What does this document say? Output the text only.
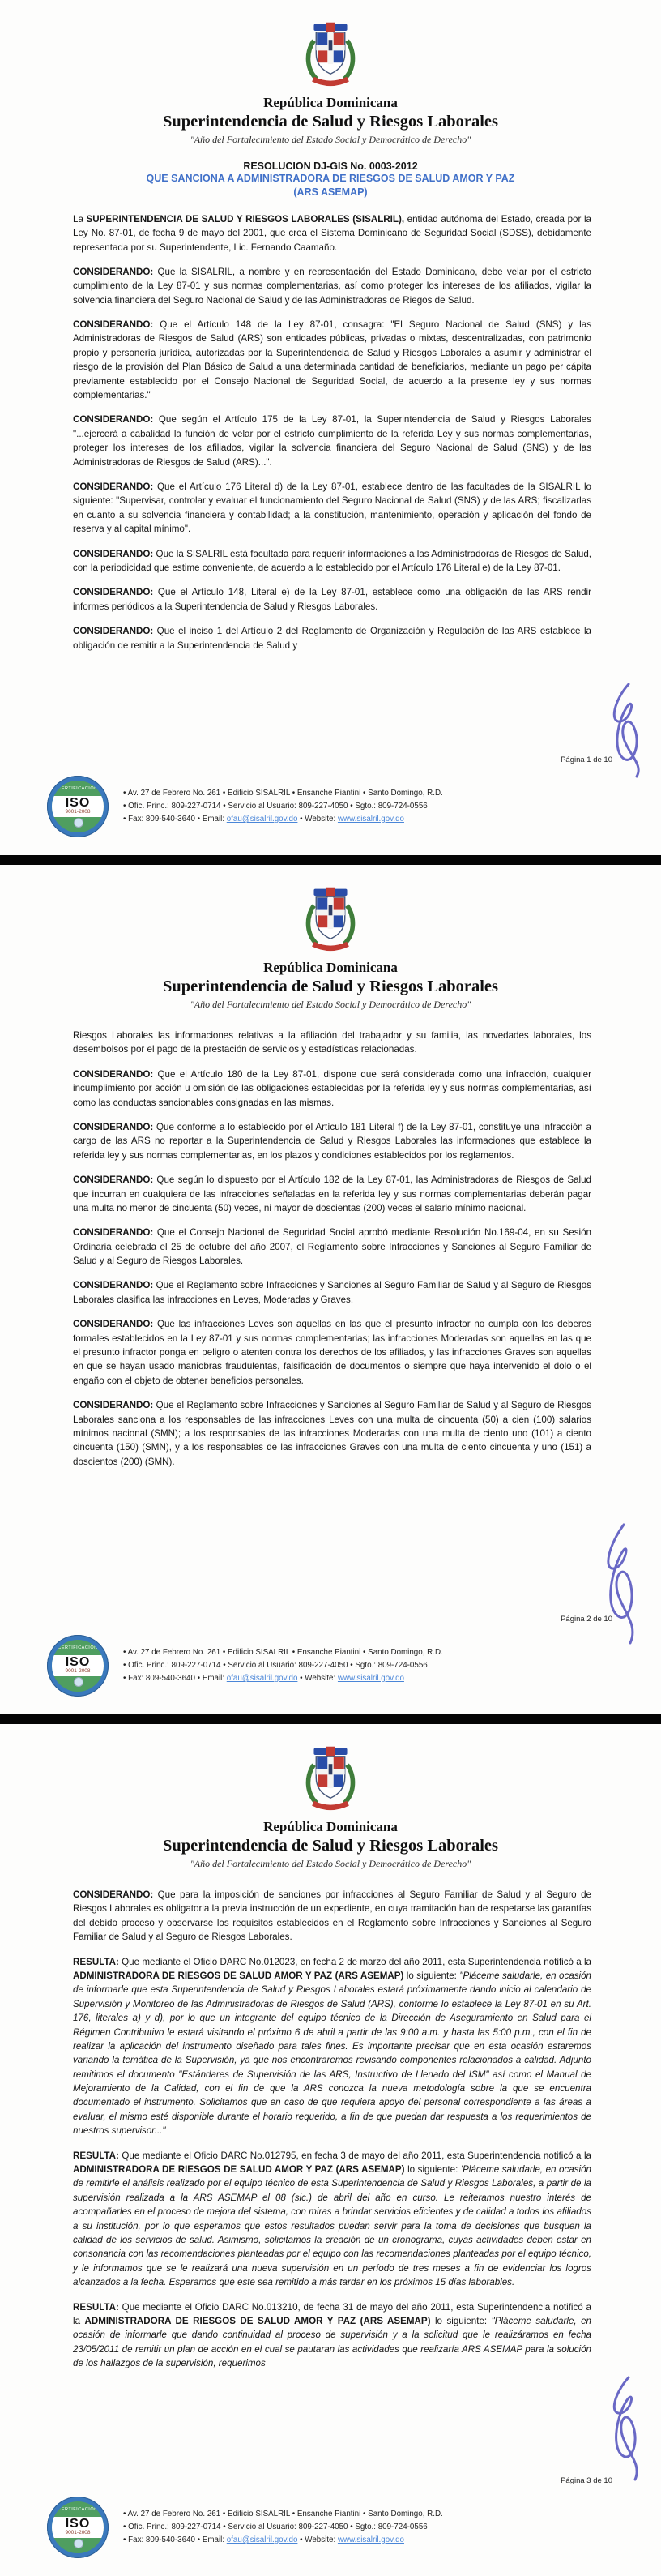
República Dominicana
Superintendencia de Salud y Riesgos Laborales
"Año del Fortalecimiento del Estado Social y Democrático de Derecho"
RESOLUCION DJ-GIS No. 0003-2012
QUE SANCIONA A ADMINISTRADORA DE RIESGOS DE SALUD AMOR Y PAZ
(ARS ASEMAP)

La SUPERINTENDENCIA DE SALUD Y RIESGOS LABORALES (SISALRIL), entidad autónoma del Estado, creada por la Ley No. 87-01, de fecha 9 de mayo del 2001, que crea el Sistema Dominicano de Seguridad Social (SDSS), debidamente representada por su Superintendente, Lic. Fernando Caamaño.

CONSIDERANDO: Que la SISALRIL, a nombre y en representación del Estado Dominicano, debe velar por el estricto cumplimiento de la Ley 87-01 y sus normas complementarias, así como proteger los intereses de los afiliados, vigilar la solvencia financiera del Seguro Nacional de Salud y de las Administradoras de Riegos de Salud.

CONSIDERANDO: Que el Artículo 148 de la Ley 87-01, consagra: "El Seguro Nacional de Salud (SNS) y las Administradoras de Riesgos de Salud (ARS) son entidades públicas, privadas o mixtas, descentralizadas, con patrimonio propio y personería jurídica, autorizadas por la Superintendencia de Salud y Riesgos Laborales a asumir y administrar el riesgo de la provisión del Plan Básico de Salud a una determinada cantidad de beneficiarios, mediante un pago per cápita previamente establecido por el Consejo Nacional de Seguridad Social, de acuerdo a la presente ley y sus normas complementarias."

CONSIDERANDO: Que según el Artículo 175 de la Ley 87-01, la Superintendencia de Salud y Riesgos Laborales "...ejercerá a cabalidad la función de velar por el estricto cumplimiento de la referida Ley y sus normas complementarias, proteger los intereses de los afiliados, vigilar la solvencia financiera del Seguro Nacional de Salud (SNS) y de las Administradoras de Riesgos de Salud (ARS)...".

CONSIDERANDO: Que el Artículo 176 Literal d) de la Ley 87-01, establece dentro de las facultades de la SISALRIL lo siguiente: "Supervisar, controlar y evaluar el funcionamiento del Seguro Nacional de Salud (SNS) y de las ARS; fiscalizarlas en cuanto a su solvencia financiera y contabilidad; a la constitución, mantenimiento, operación y aplicación del fondo de reserva y al capital mínimo".

CONSIDERANDO: Que la SISALRIL está facultada para requerir informaciones a las Administradoras de Riesgos de Salud, con la periodicidad que estime conveniente, de acuerdo a lo establecido por el Artículo 176 Literal e) de la Ley 87-01.

CONSIDERANDO: Que el Artículo 148, Literal e) de la Ley 87-01, establece como una obligación de las ARS rendir informes periódicos a la Superintendencia de Salud y Riesgos Laborales.

CONSIDERANDO: Que el inciso 1 del Artículo 2 del Reglamento de Organización y Regulación de las ARS establece la obligación de remitir a la Superintendencia de Salud y

Página 1 de 10
CERTIFICACIÓN
ISO
9001-2008
• Av. 27 de Febrero No. 261 • Edificio SISALRIL • Ensanche Piantini • Santo Domingo, R.D.
• Ofic. Princ.: 809-227-0714 • Servicio al Usuario: 809-227-4050 • Sgto.: 809-724-0556
• Fax: 809-540-3640 • Email: ofau@sisalril.gov.do • Website: www.sisalril.gov.do
República Dominicana
Superintendencia de Salud y Riesgos Laborales
"Año del Fortalecimiento del Estado Social y Democrático de Derecho"

Riesgos Laborales las informaciones relativas a la afiliación del trabajador y su familia, las novedades laborales, los desembolsos por el pago de la prestación de servicios y estadísticas relacionadas.

CONSIDERANDO: Que el Artículo 180 de la Ley 87-01, dispone que será considerada como una infracción, cualquier incumplimiento por acción u omisión de las obligaciones establecidas por la referida ley y sus normas complementarias, así como las conductas sancionables consignadas en las mismas.

CONSIDERANDO: Que conforme a lo establecido por el Artículo 181 Literal f) de la Ley 87-01, constituye una infracción a cargo de las ARS no reportar a la Superintendencia de Salud y Riesgos Laborales las informaciones que establece la referida ley y sus normas complementarias, en los plazos y condiciones establecidos por los reglamentos.

CONSIDERANDO: Que según lo dispuesto por el Artículo 182 de la Ley 87-01, las Administradoras de Riesgos de Salud que incurran en cualquiera de las infracciones señaladas en la referida ley y sus normas complementarias deberán pagar una multa no menor de cincuenta (50) veces, ni mayor de doscientas (200) veces el salario mínimo nacional.

CONSIDERANDO: Que el Consejo Nacional de Seguridad Social aprobó mediante Resolución No.169-04, en su Sesión Ordinaria celebrada el 25 de octubre del año 2007, el Reglamento sobre Infracciones y Sanciones al Seguro Familiar de Salud y al Seguro de Riesgos Laborales.

CONSIDERANDO: Que el Reglamento sobre Infracciones y Sanciones al Seguro Familiar de Salud y al Seguro de Riesgos Laborales clasifica las infracciones en Leves, Moderadas y Graves.

CONSIDERANDO: Que las infracciones Leves son aquellas en las que el presunto infractor no cumpla con los deberes formales establecidos en la Ley 87-01 y sus normas complementarias; las infracciones Moderadas son aquellas en las que el presunto infractor ponga en peligro o atenten contra los derechos de los afiliados, y las infracciones Graves son aquellas en que se hayan usado maniobras fraudulentas, falsificación de documentos o siempre que haya intervenido el dolo o el engaño con el objeto de obtener beneficios personales.

CONSIDERANDO: Que el Reglamento sobre Infracciones y Sanciones al Seguro Familiar de Salud y al Seguro de Riesgos Laborales sanciona a los responsables de las infracciones Leves con una multa de cincuenta (50) a cien (100) salarios mínimos nacional (SMN); a los responsables de las infracciones Moderadas con una multa de ciento uno (101) a ciento cincuenta (150) (SMN), y a los responsables de las infracciones Graves con una multa de ciento cincuenta y uno (151) a doscientos (200) (SMN).

Página 2 de 10
CERTIFICACIÓN
ISO
9001-2008
• Av. 27 de Febrero No. 261 • Edificio SISALRIL • Ensanche Piantini • Santo Domingo, R.D.
• Ofic. Princ.: 809-227-0714 • Servicio al Usuario: 809-227-4050 • Sgto.: 809-724-0556
• Fax: 809-540-3640 • Email: ofau@sisalril.gov.do • Website: www.sisalril.gov.do
República Dominicana
Superintendencia de Salud y Riesgos Laborales
"Año del Fortalecimiento del Estado Social y Democrático de Derecho"

CONSIDERANDO: Que para la imposición de sanciones por infracciones al Seguro Familiar de Salud y al Seguro de Riesgos Laborales es obligatoria la previa instrucción de un expediente, en cuya tramitación han de respetarse las garantías del debido proceso y observarse los requisitos establecidos en el Reglamento sobre Infracciones y Sanciones al Seguro Familiar de Salud y al Seguro de Riesgos Laborales.

RESULTA: Que mediante el Oficio DARC No.012023, en fecha 2 de marzo del año 2011, esta Superintendencia notificó a la ADMINISTRADORA DE RIESGOS DE SALUD AMOR Y PAZ (ARS ASEMAP) lo siguiente: "Pláceme saludarle, en ocasión de informarle que esta Superintendencia de Salud y Riesgos Laborales estará próximamente dando inicio al calendario de Supervisión y Monitoreo de las Administradoras de Riesgos de Salud (ARS), conforme lo establece la Ley 87-01 en su Art. 176, literales a) y d), por lo que un integrante del equipo técnico de la Dirección de Aseguramiento en Salud para el Régimen Contributivo le estará visitando el próximo 6 de abril a partir de las 9:00 a.m. y hasta las 5:00 p.m., con el fin de realizar la aplicación del instrumento diseñado para tales fines. Es importante precisar que en esta ocasión estaremos variando la temática de la Supervisión, ya que nos encontraremos revisando componentes relacionados a calidad. Adjunto remitimos el documento "Estándares de Supervisión de las ARS, Instructivo de Llenado del ISM" así como el Manual de Mejoramiento de la Calidad, con el fin de que la ARS conozca la nueva metodología sobre la que se encuentra documentado el instrumento. Solicitamos que en caso de que requiera apoyo del personal correspondiente a las áreas a evaluar, el mismo esté disponible durante el horario requerido, a fin de que puedan dar respuesta a los requerimientos de nuestros supervisor..."

RESULTA: Que mediante el Oficio DARC No.012795, en fecha 3 de mayo del año 2011, esta Superintendencia notificó a la ADMINISTRADORA DE RIESGOS DE SALUD AMOR Y PAZ (ARS ASEMAP) lo siguiente: 'Pláceme saludarle, en ocasión de remitirle el análisis realizado por el equipo técnico de esta Superintendencia de Salud y Riesgos Laborales, a partir de la supervisión realizada a la ARS ASEMAP el 08 (sic.) de abril del año en curso. Le reiteramos nuestro interés de acompañarles en el proceso de mejora del sistema, con miras a brindar servicios eficientes y de calidad a todos los afiliados a su institución, por lo que esperamos que estos resultados puedan servir para la toma de decisiones que busquen la calidad de los servicios de salud. Asimismo, solicitamos la creación de un cronograma, cuyas actividades deben estar en consonancia con las recomendaciones planteadas por el equipo con las recomendaciones planteadas por el equipo técnico, y le informamos que se le realizará una nueva supervisión en un período de tres meses a fin de evidenciar los logros alcanzados a la fecha. Esperamos que este sea remitido a más tardar en los próximos 15 días laborables.

RESULTA: Que mediante el Oficio DARC No.013210, de fecha 31 de mayo del año 2011, esta Superintendencia notificó a la ADMINISTRADORA DE RIESGOS DE SALUD AMOR Y PAZ (ARS ASEMAP) lo siguiente: "Pláceme saludarle, en ocasión de informarle que dando continuidad al proceso de supervisión y a la solicitud que le realizáramos en fecha 23/05/2011 de remitir un plan de acción en el cual se pautaran las actividades que realizaría ARS ASEMAP para la solución de los hallazgos de la supervisión, requerimos

Página 3 de 10
CERTIFICACIÓN
ISO
9001-2008
• Av. 27 de Febrero No. 261 • Edificio SISALRIL • Ensanche Piantini • Santo Domingo, R.D.
• Ofic. Princ.: 809-227-0714 • Servicio al Usuario: 809-227-4050 • Sgto.: 809-724-0556
• Fax: 809-540-3640 • Email: ofau@sisalril.gov.do • Website: www.sisalril.gov.do
